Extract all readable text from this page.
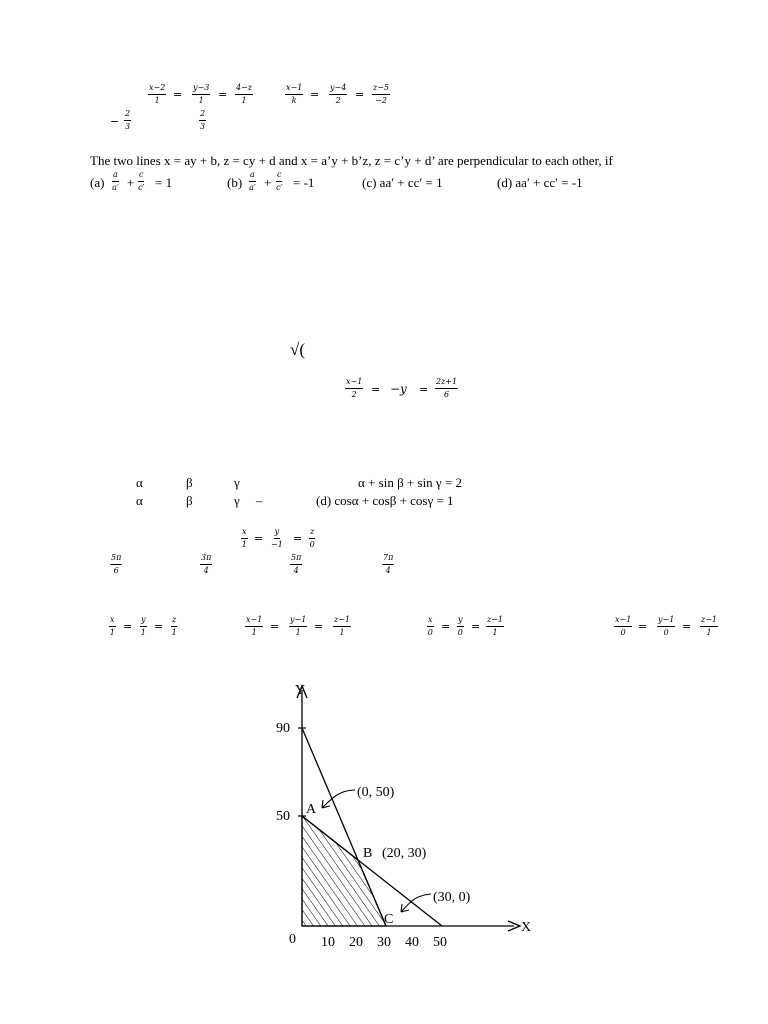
$\frac{x-2}{1} = \frac{y-3}{1} = \frac{4-z}{1}$	$\frac{x-1}{k} = \frac{y-4}{2} = \frac{z-5}{-2}$
− $\frac{2}{3}$	$\frac{2}{3}$
The two lines x = ay + b, z = cy + d and x = a’y + b’z, z = c’y + d’ are perpendicular to each other, if
$(a) \frac{a}{a'} + \frac{c}{c'} = 1$	$(b) \frac{a}{a'} + \frac{c}{c'} = -1$	(c) aa′ + cc′ = 1	(d) aa′ + cc′ = -1
√(
$\frac{x-1}{2} = -y = \frac{2z+1}{6}$
α	β	γ	α + sin β + sin γ = 2
α	β	γ –	(d) cosα + cosβ + cosγ = 1
$\frac{x}{1} = \frac{y}{-1} = \frac{z}{0}$
$\frac{5\pi}{6}$	$\frac{3\pi}{4}$	$\frac{5\pi}{4}$	$\frac{7\pi}{4}$
$\frac{x}{1} = \frac{y}{1} = \frac{z}{1}$	$\frac{x-1}{1} = \frac{y-1}{1} = \frac{z-1}{1}$	$\frac{x}{0} = \frac{y}{0} = \frac{z-1}{1}$	$\frac{x-1}{0} = \frac{y-1}{0} = \frac{z-1}{1}$
Y
X
0
90
50
10 20 30 40 50
A
(0, 50)
B (20, 30)
C
(30, 0)
